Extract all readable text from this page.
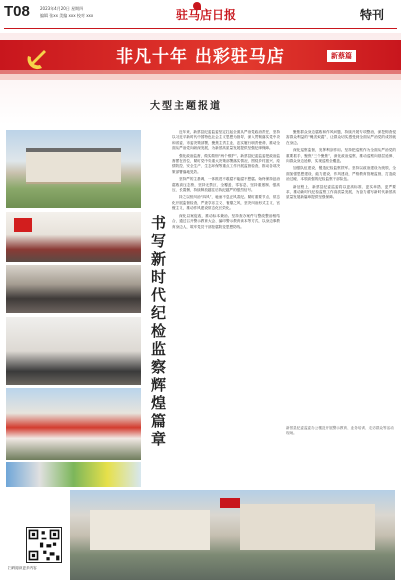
T08	2023年4月20日 星期四
编辑 张xx 美编 xxx 校对 xxx	驻马店日报	特刊
非凡十年 出彩驻马店	新蔡篇
大型主题报道
书写新时代纪检监察辉煌篇章

近年来，新蔡县纪委监委坚定扛起全面从严治党政治责任，坚持以习近平新时代中国特色社会主义思想为指导，深入贯彻落实党中央和省委、市委决策部署，聚焦主责主业，忠实履行职责使命，推动全面从严治党向纵深发展，为新蔡高质量发展提供坚强纪律保障。

强化政治监督，做实做细“两个维护”。新蔡县纪委监委把政治监督摆在首位，紧盯党中央重大决策部署落实情况，围绕乡村振兴、疫情防控、安全生产、生态环保等重点工作开展监督检查，推动各项决策部署落地见效。

坚持严的主基调，一体推进不敢腐不能腐不想腐。始终保持惩治腐败高压态势，坚持无禁区、全覆盖、零容忍，坚持重遏制、强高压、长震慑，持续释放越往后执纪越严的强烈信号。

持之以恒纠治“四风”，驰而不息正风肃纪。紧盯重要节点，常态化开展监督检查，严查享乐主义、奢靡之风，坚决纠治形式主义、官僚主义，推动作风建设常态化长效化。

深化以案促改，推动标本兼治。坚持查办案件与整改整治相结合，通过召开警示教育大会、编印警示教育读本等方式，以身边事教育身边人，筑牢党员干部拒腐防变思想防线。

聚焦群众身边腐败和作风问题，持续开展专项整治，深挖彻查侵害群众利益的“蝇贪蚁腐”，让群众切实感受到全面从严治党的成效就在身边。

深化巡察监督，发挥利剑作用。坚持把巡察作为全面从严治党的重要抓手，聚焦“三个聚焦”，深化政治巡察，推动巡察向基层延伸、向群众身边延伸，实现巡察全覆盖。

加强队伍建设，锻造纪检监察铁军。坚持以政治建设为统领，全面加强思想建设、能力建设、作风建设，严格教育管理监督，打造政治过硬、本领高强的纪检监察干部队伍。

新征程上，新蔡县纪委监委将以更高标准、更实举措、更严要求，推动新时代纪检监察工作高质量发展，为奋力谱写新时代新蔡高质量发展新篇章提供坚强保障。

新蔡县纪委监委办公楼及开展警示教育、业务培训、走访群众等活动现场。
扫码阅读更多内容
